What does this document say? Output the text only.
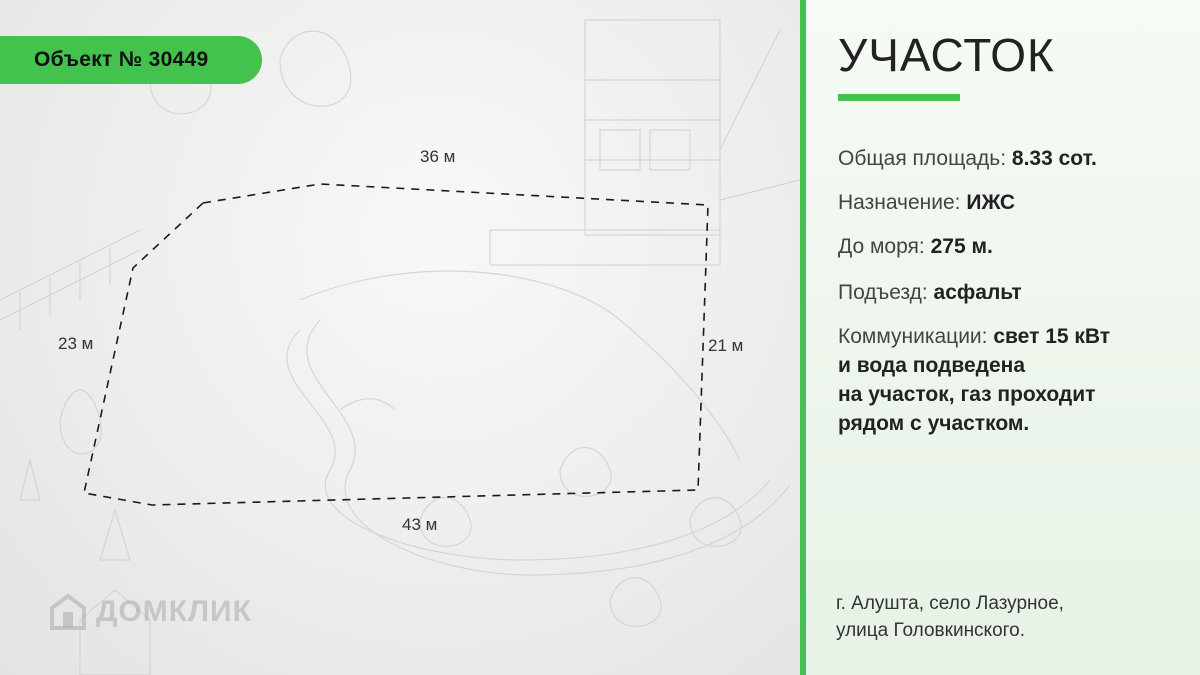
Объект № 30449
36 м
23 м	21 м
43 м
ДОМКЛИК
УЧАСТОК
Общая площадь: 8.33 сот.
Назначение: ИЖС
До моря: 275 м.
Подъезд: асфальт
Коммуникации: свет 15 кВт
и вода подведена
на участок, газ проходит
рядом с участком.
г. Алушта, село Лазурное,
улица Головкинского.
